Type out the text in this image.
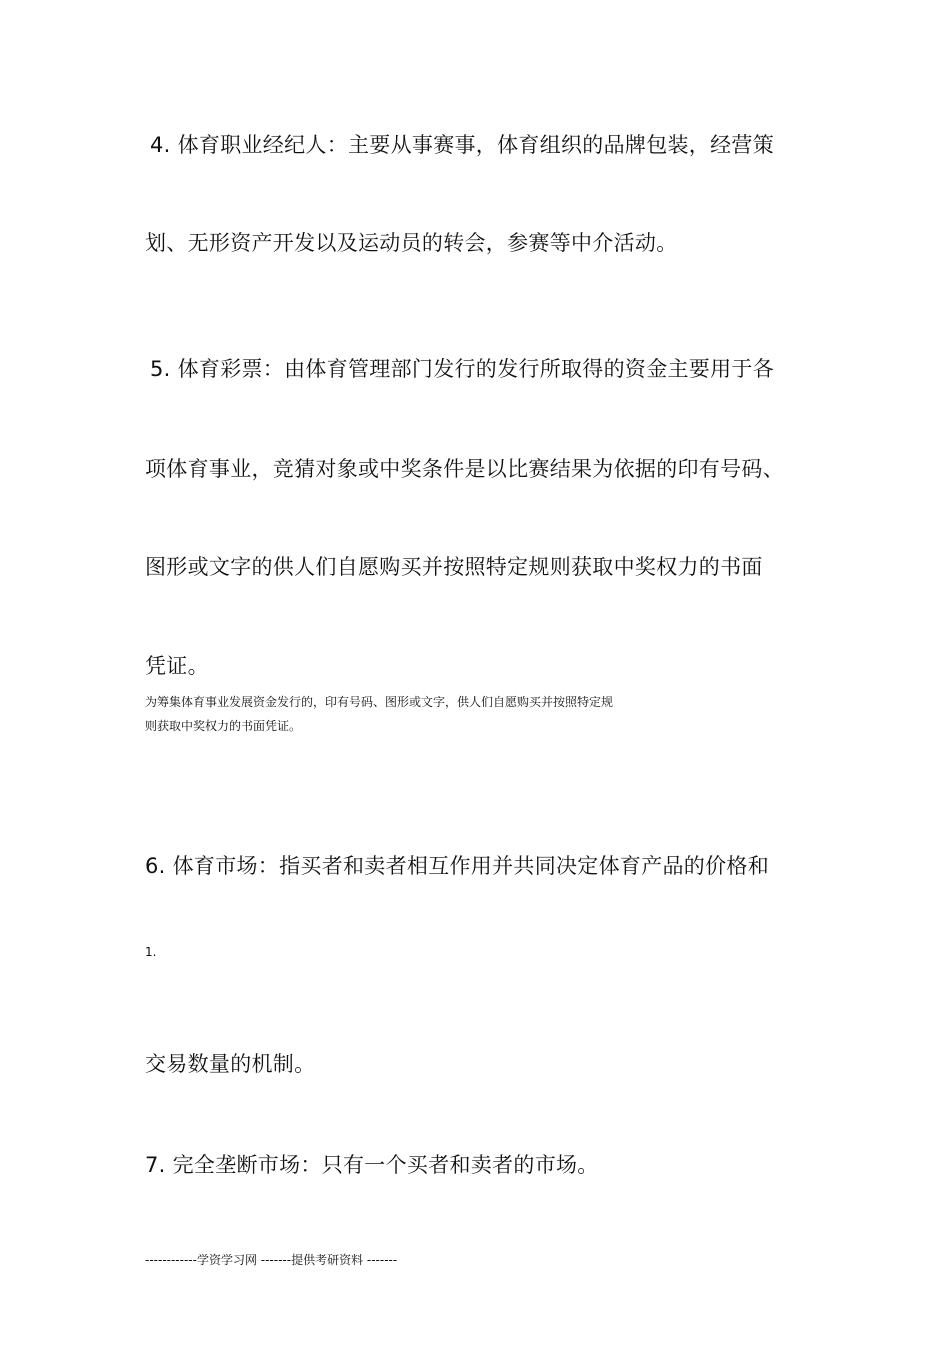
4. 体育职业经纪人：主要从事赛事，体育组织的品牌包装，经营策
划、无形资产开发以及运动员的转会，参赛等中介活动。
5. 体育彩票：由体育管理部门发行的发行所取得的资金主要用于各
项体育事业，竞猜对象或中奖条件是以比赛结果为依据的印有号码、
图形或文字的供人们自愿购买并按照特定规则获取中奖权力的书面
凭证。
为筹集体育事业发展资金发行的，印有号码、图形或文字，供人们自愿购买并按照特定规
则获取中奖权力的书面凭证。
6. 体育市场：指买者和卖者相互作用并共同决定体育产品的价格和
1.
交易数量的机制。
7. 完全垄断市场：只有一个买者和卖者的市场。
------------学资学习网 -------提供考研资料 -------
